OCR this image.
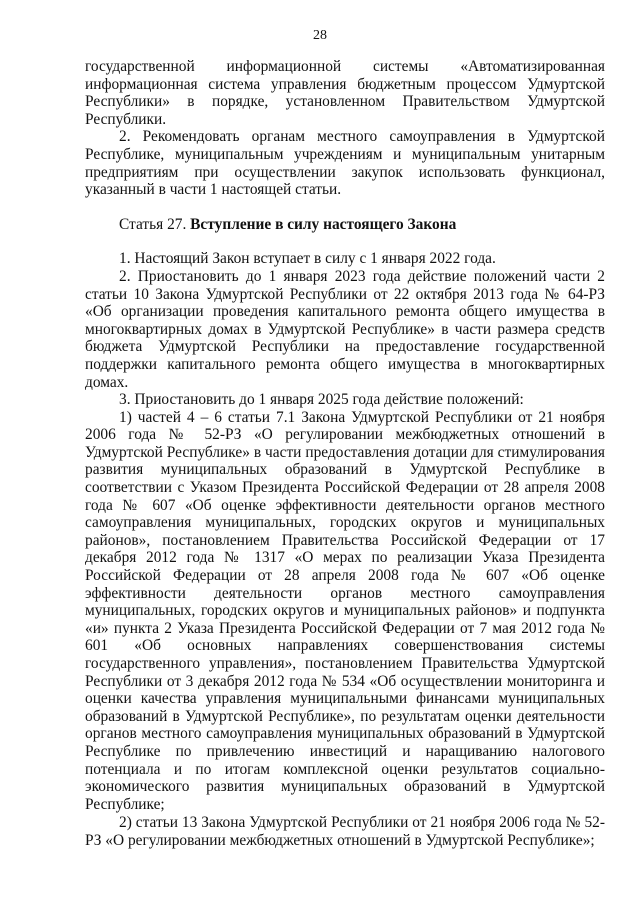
28

государственной информационной системы «Автоматизированная информационная система управления бюджетным процессом Удмуртской Республики» в порядке, установленном Правительством Удмуртской Республики.

2. Рекомендовать органам местного самоуправления в Удмуртской Республике, муниципальным учреждениям и муниципальным унитарным предприятиям при осуществлении закупок использовать функционал, указанный в части 1 настоящей статьи.

Статья 27. Вступление в силу настоящего Закона

1. Настоящий Закон вступает в силу с 1 января 2022 года.

2. Приостановить до 1 января 2023 года действие положений части 2 статьи 10 Закона Удмуртской Республики от 22 октября 2013 года № 64-РЗ «Об организации проведения капитального ремонта общего имущества в многоквартирных домах в Удмуртской Республике» в части размера средств бюджета Удмуртской Республики на предоставление государственной поддержки капитального ремонта общего имущества в многоквартирных домах.

3. Приостановить до 1 января 2025 года действие положений:

1) частей 4 – 6 статьи 7.1 Закона Удмуртской Республики от 21 ноября 2006 года № 52-РЗ «О регулировании межбюджетных отношений в Удмуртской Республике» в части предоставления дотации для стимулирования развития муниципальных образований в Удмуртской Республике в соответствии с Указом Президента Российской Федерации от 28 апреля 2008 года № 607 «Об оценке эффективности деятельности органов местного самоуправления муниципальных, городских округов и муниципальных районов», постановлением Правительства Российской Федерации от 17 декабря 2012 года № 1317 «О мерах по реализации Указа Президента Российской Федерации от 28 апреля 2008 года № 607 «Об оценке эффективности деятельности органов местного самоуправления муниципальных, городских округов и муниципальных районов» и подпункта «и» пункта 2 Указа Президента Российской Федерации от 7 мая 2012 года № 601 «Об основных направлениях совершенствования системы государственного управления», постановлением Правительства Удмуртской Республики от 3 декабря 2012 года № 534 «Об осуществлении мониторинга и оценки качества управления муниципальными финансами муниципальных образований в Удмуртской Республике», по результатам оценки деятельности органов местного самоуправления муниципальных образований в Удмуртской Республике по привлечению инвестиций и наращиванию налогового потенциала и по итогам комплексной оценки результатов социально-экономического развития муниципальных образований в Удмуртской Республике;

2) статьи 13 Закона Удмуртской Республики от 21 ноября 2006 года № 52-РЗ «О регулировании межбюджетных отношений в Удмуртской Республике»;
